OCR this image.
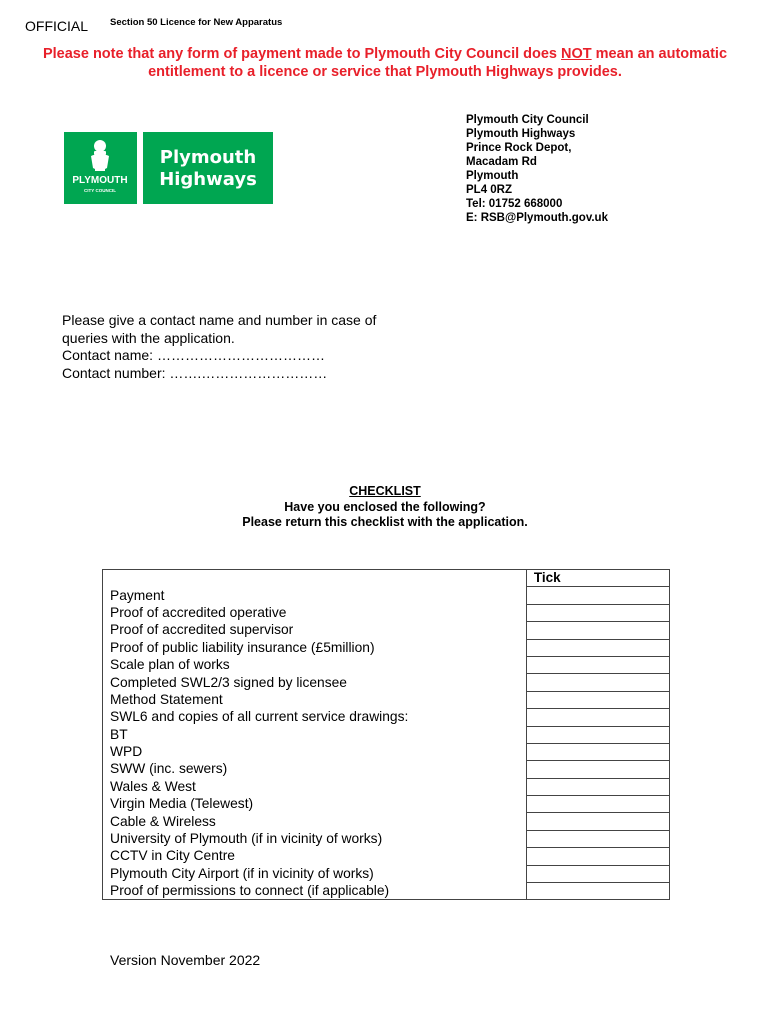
OFFICIAL Section 50 Licence for New Apparatus
Please note that any form of payment made to Plymouth City Council does NOT mean an automatic entitlement to a licence or service that Plymouth Highways provides.
PLYMOUTH
CITY COUNCIL
Plymouth
Highways
Plymouth City Council
Plymouth Highways
Prince Rock Depot,
Macadam Rd
Plymouth
PL4 0RZ
Tel: 01752 668000
E: RSB@Plymouth.gov.uk
Please give a contact name and number in case of
queries with the application.
Contact name: ………………………………
Contact number: …….………………………
CHECKLIST
Have you enclosed the following?
Please return this checklist with the application.
	Tick
Payment	
Proof of accredited operative	
Proof of accredited supervisor	
Proof of public liability insurance (£5million)	
Scale plan of works	
Completed SWL2/3 signed by licensee	
Method Statement	
SWL6 and copies of all current service drawings:	
BT	
WPD	
SWW (inc. sewers)	
Wales & West	
Virgin Media (Telewest)	
Cable & Wireless	
University of Plymouth (if in vicinity of works)	
CCTV in City Centre	
Plymouth City Airport (if in vicinity of works)	
Proof of permissions to connect (if applicable)	
Version November 2022
